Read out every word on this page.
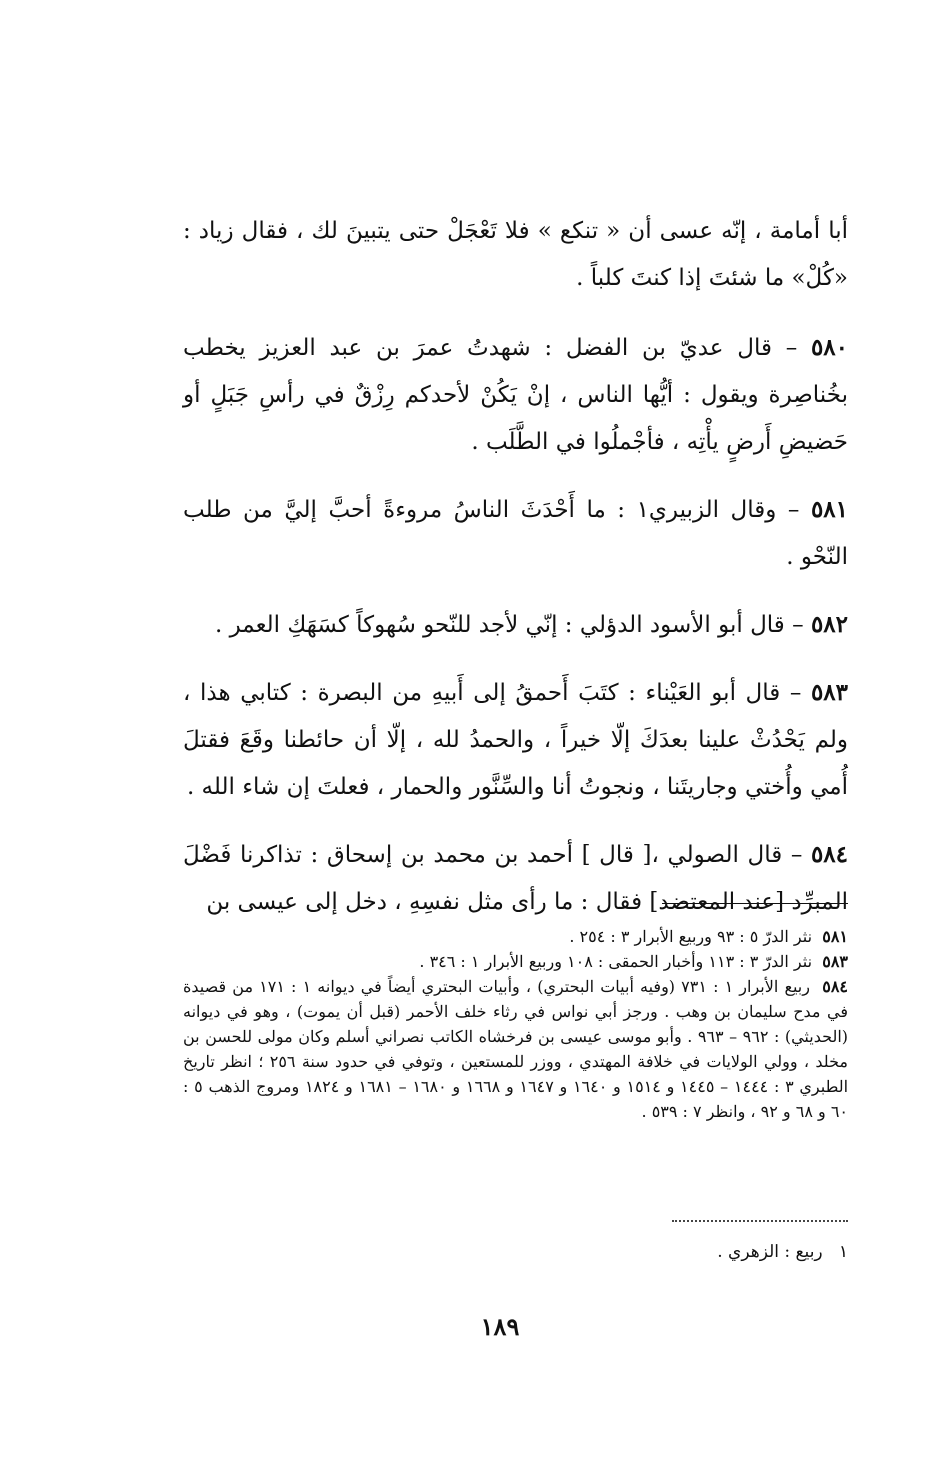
أبا أمامة ، إنّه عسى أن « تنكع » فلا تَعْجَلْ حتى يتبينَ لك ، فقال زياد : «كُلْ» ما شئتَ إذا كنتَ كلباً .

٥٨٠ – قال عديّ بن الفضل : شهدتُ عمرَ بن عبد العزيز يخطب بخُناصِرة ويقول : أيُّها الناس ، إنْ يَكُنْ لأحدكم رِزْقٌ في رأسِ جَبَلٍ أو حَضيضِ أَرضٍ يأْتِه ، فأجْملُوا في الطَّلَب .

٥٨١ – وقال الزبيري١ : ما أَحْدَثَ الناسُ مروءةً أحبَّ إليَّ من طلب النّحْو .

٥٨٢ – قال أبو الأسود الدؤلي : إنّي لأجد للنّحو سُهوكاً كسَهَكِ العمر .

٥٨٣ – قال أبو العَيْناء : كتَبَ أَحمقُ إلى أَبيهِ من البصرة : كتابي هذا ، ولم يَحْدُثْ علينا بعدَكَ إلّا خيراً ، والحمدُ لله ، إلّا أن حائطنا وقَعَ فقتلَ أُمي وأُختي وجاريتَنا ، ونجوتُ أنا والسِّنَّور والحمار ، فعلتَ إن شاء الله .

٥٨٤ – قال الصولي ،[ قال ] أحمد بن محمد بن إسحاق : تذاكرنا فَضْلَ المبرِّد [عند المعتضد] فقال : ما رأى مثل نفسِهِ ، دخل إلى عيسى بن

٥٨١  نثر الدرّ ٥ : ٩٣ وربيع الأبرار ٣ : ٢٥٤ .

٥٨٣  نثر الدرّ ٣ : ١١٣ وأخبار الحمقى : ١٠٨ وربيع الأبرار ١ : ٣٤٦ .

٥٨٤  ربيع الأبرار ١ : ٧٣١ (وفيه أبيات البحتري) ، وأبيات البحتري أيضاً في ديوانه ١ : ١٧١ من قصيدة في مدح سليمان بن وهب . ورجز أبي نواس في رثاء خلف الأحمر (قبل أن يموت) ، وهو في ديوانه (الحديثي) : ٩٦٢ – ٩٦٣ . وأبو موسى عيسى بن فرخشاه الكاتب نصراني أسلم وكان مولى للحسن بن مخلد ، وولي الولايات في خلافة المهتدي ، ووزر للمستعين ، وتوفي في حدود سنة ٢٥٦ ؛ انظر تاريخ الطبري ٣ : ١٤٤٤ – ١٤٤٥ و ١٥١٤ و ١٦٤٠ و ١٦٤٧ و ١٦٦٨ و ١٦٨٠ – ١٦٨١ و ١٨٢٤ ومروج الذهب ٥ : ٦٠ و ٦٨ و ٩٢ ، وانظر ٧ : ٥٣٩ .

١   ربيع : الزهري .
١٨٩
